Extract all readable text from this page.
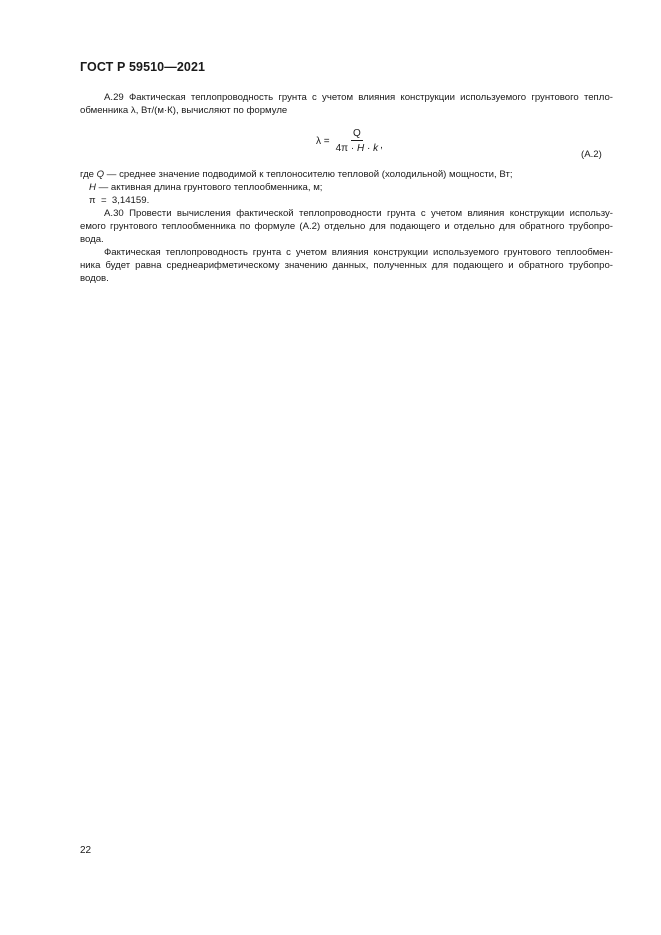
ГОСТ Р 59510—2021
А.29 Фактическая теплопроводность грунта с учетом влияния конструкции используемого грунтового тепло-
обменника λ, Вт/(м·К), вычисляют по формуле
$\lambda = \frac{Q}{4\pi \cdot H \cdot k}$ ,
(А.2)
где Q — среднее значение подводимой к теплоносителю тепловой (холодильной) мощности, Вт;
H — активная длина грунтового теплообменника, м;
π  =  3,14159.
А.30 Провести вычисления фактической теплопроводности грунта с учетом влияния конструкции использу-
емого грунтового теплообменника по формуле (А.2) отдельно для подающего и отдельно для обратного трубопро-
вода.
Фактическая теплопроводность грунта с учетом влияния конструкции используемого грунтового теплообмен-
ника будет равна среднеарифметическому значению данных, полученных для подающего и обратного трубопро-
водов.
22
